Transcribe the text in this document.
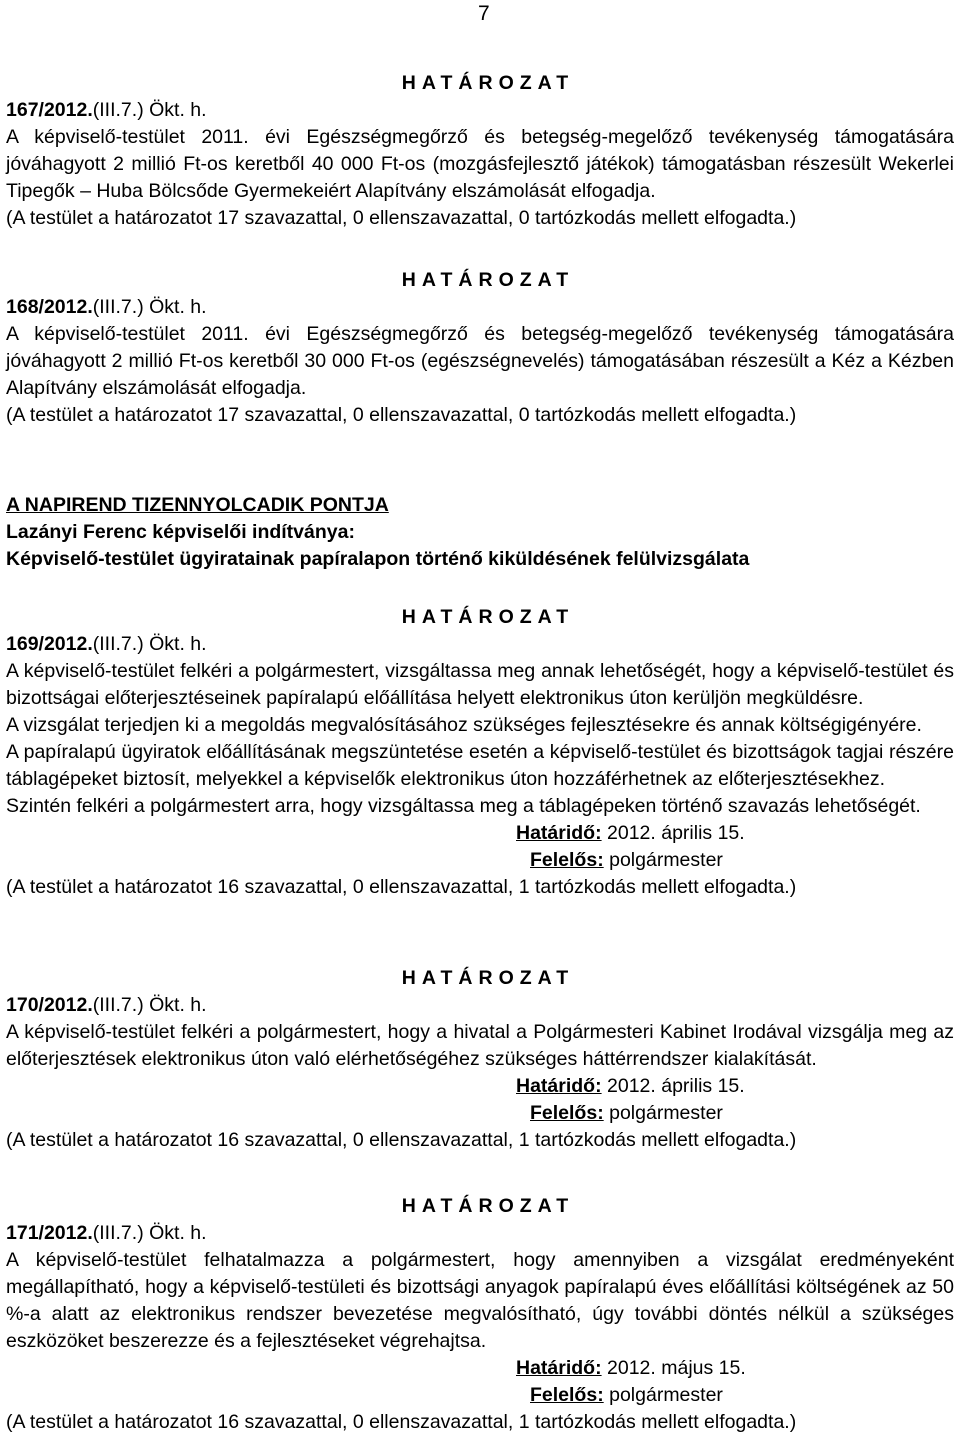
7
HATÁROZAT
167/2012.(III.7.) Ökt. h.

A képviselő-testület 2011. évi Egészségmegőrző és betegség-megelőző tevékenység támogatására jóváhagyott 2 millió Ft-os keretből 40 000 Ft-os (mozgásfejlesztő játékok) támogatásban részesült Wekerlei Tipegők – Huba Bölcsőde Gyermekeiért Alapítvány elszámolását elfogadja.

(A testület a határozatot 17 szavazattal, 0 ellenszavazattal, 0 tartózkodás mellett elfogadta.)

HATÁROZAT
168/2012.(III.7.) Ökt. h.

A képviselő-testület 2011. évi Egészségmegőrző és betegség-megelőző tevékenység támogatására jóváhagyott 2 millió Ft-os keretből 30 000 Ft-os (egészségnevelés) támogatásában részesült a Kéz a Kézben Alapítvány elszámolását elfogadja.

(A testület a határozatot 17 szavazattal, 0 ellenszavazattal, 0 tartózkodás mellett elfogadta.)

A NAPIREND TIZENNYOLCADIK PONTJA
Lazányi Ferenc képviselői indítványa:
Képviselő-testület ügyiratainak papíralapon történő kiküldésének felülvizsgálata
HATÁROZAT
169/2012.(III.7.) Ökt. h.

A képviselő-testület felkéri a polgármestert, vizsgáltassa meg annak lehetőségét, hogy a képviselő-testület és bizottságai előterjesztéseinek papíralapú előállítása helyett elektronikus úton kerüljön megküldésre.

A vizsgálat terjedjen ki a megoldás megvalósításához szükséges fejlesztésekre és annak költségigényére.

A papíralapú ügyiratok előállításának megszüntetése esetén a képviselő-testület és bizottságok tagjai részére táblagépeket biztosít, melyekkel a képviselők elektronikus úton hozzáférhetnek az előterjesztésekhez.

Szintén felkéri a polgármestert arra, hogy vizsgáltassa meg a táblagépeken történő szavazás lehetőségét.

Határidő: 2012. április 15.
Felelős: polgármester

(A testület a határozatot 16 szavazattal, 0 ellenszavazattal, 1 tartózkodás mellett elfogadta.)

HATÁROZAT
170/2012.(III.7.) Ökt. h.

A képviselő-testület felkéri a polgármestert, hogy a hivatal a Polgármesteri Kabinet Irodával vizsgálja meg az előterjesztések elektronikus úton való elérhetőségéhez szükséges háttérrendszer kialakítását.

Határidő: 2012. április 15.
Felelős: polgármester

(A testület a határozatot 16 szavazattal, 0 ellenszavazattal, 1 tartózkodás mellett elfogadta.)

HATÁROZAT
171/2012.(III.7.) Ökt. h.

A képviselő-testület felhatalmazza a polgármestert, hogy amennyiben a vizsgálat eredményeként megállapítható, hogy a képviselő-testületi és bizottsági anyagok papíralapú éves előállítási költségének az 50 %-a alatt az elektronikus rendszer bevezetése megvalósítható, úgy további döntés nélkül a szükséges eszközöket beszerezze és a fejlesztéseket végrehajtsa.

Határidő: 2012. május 15.
Felelős: polgármester

(A testület a határozatot 16 szavazattal, 0 ellenszavazattal, 1 tartózkodás mellett elfogadta.)
